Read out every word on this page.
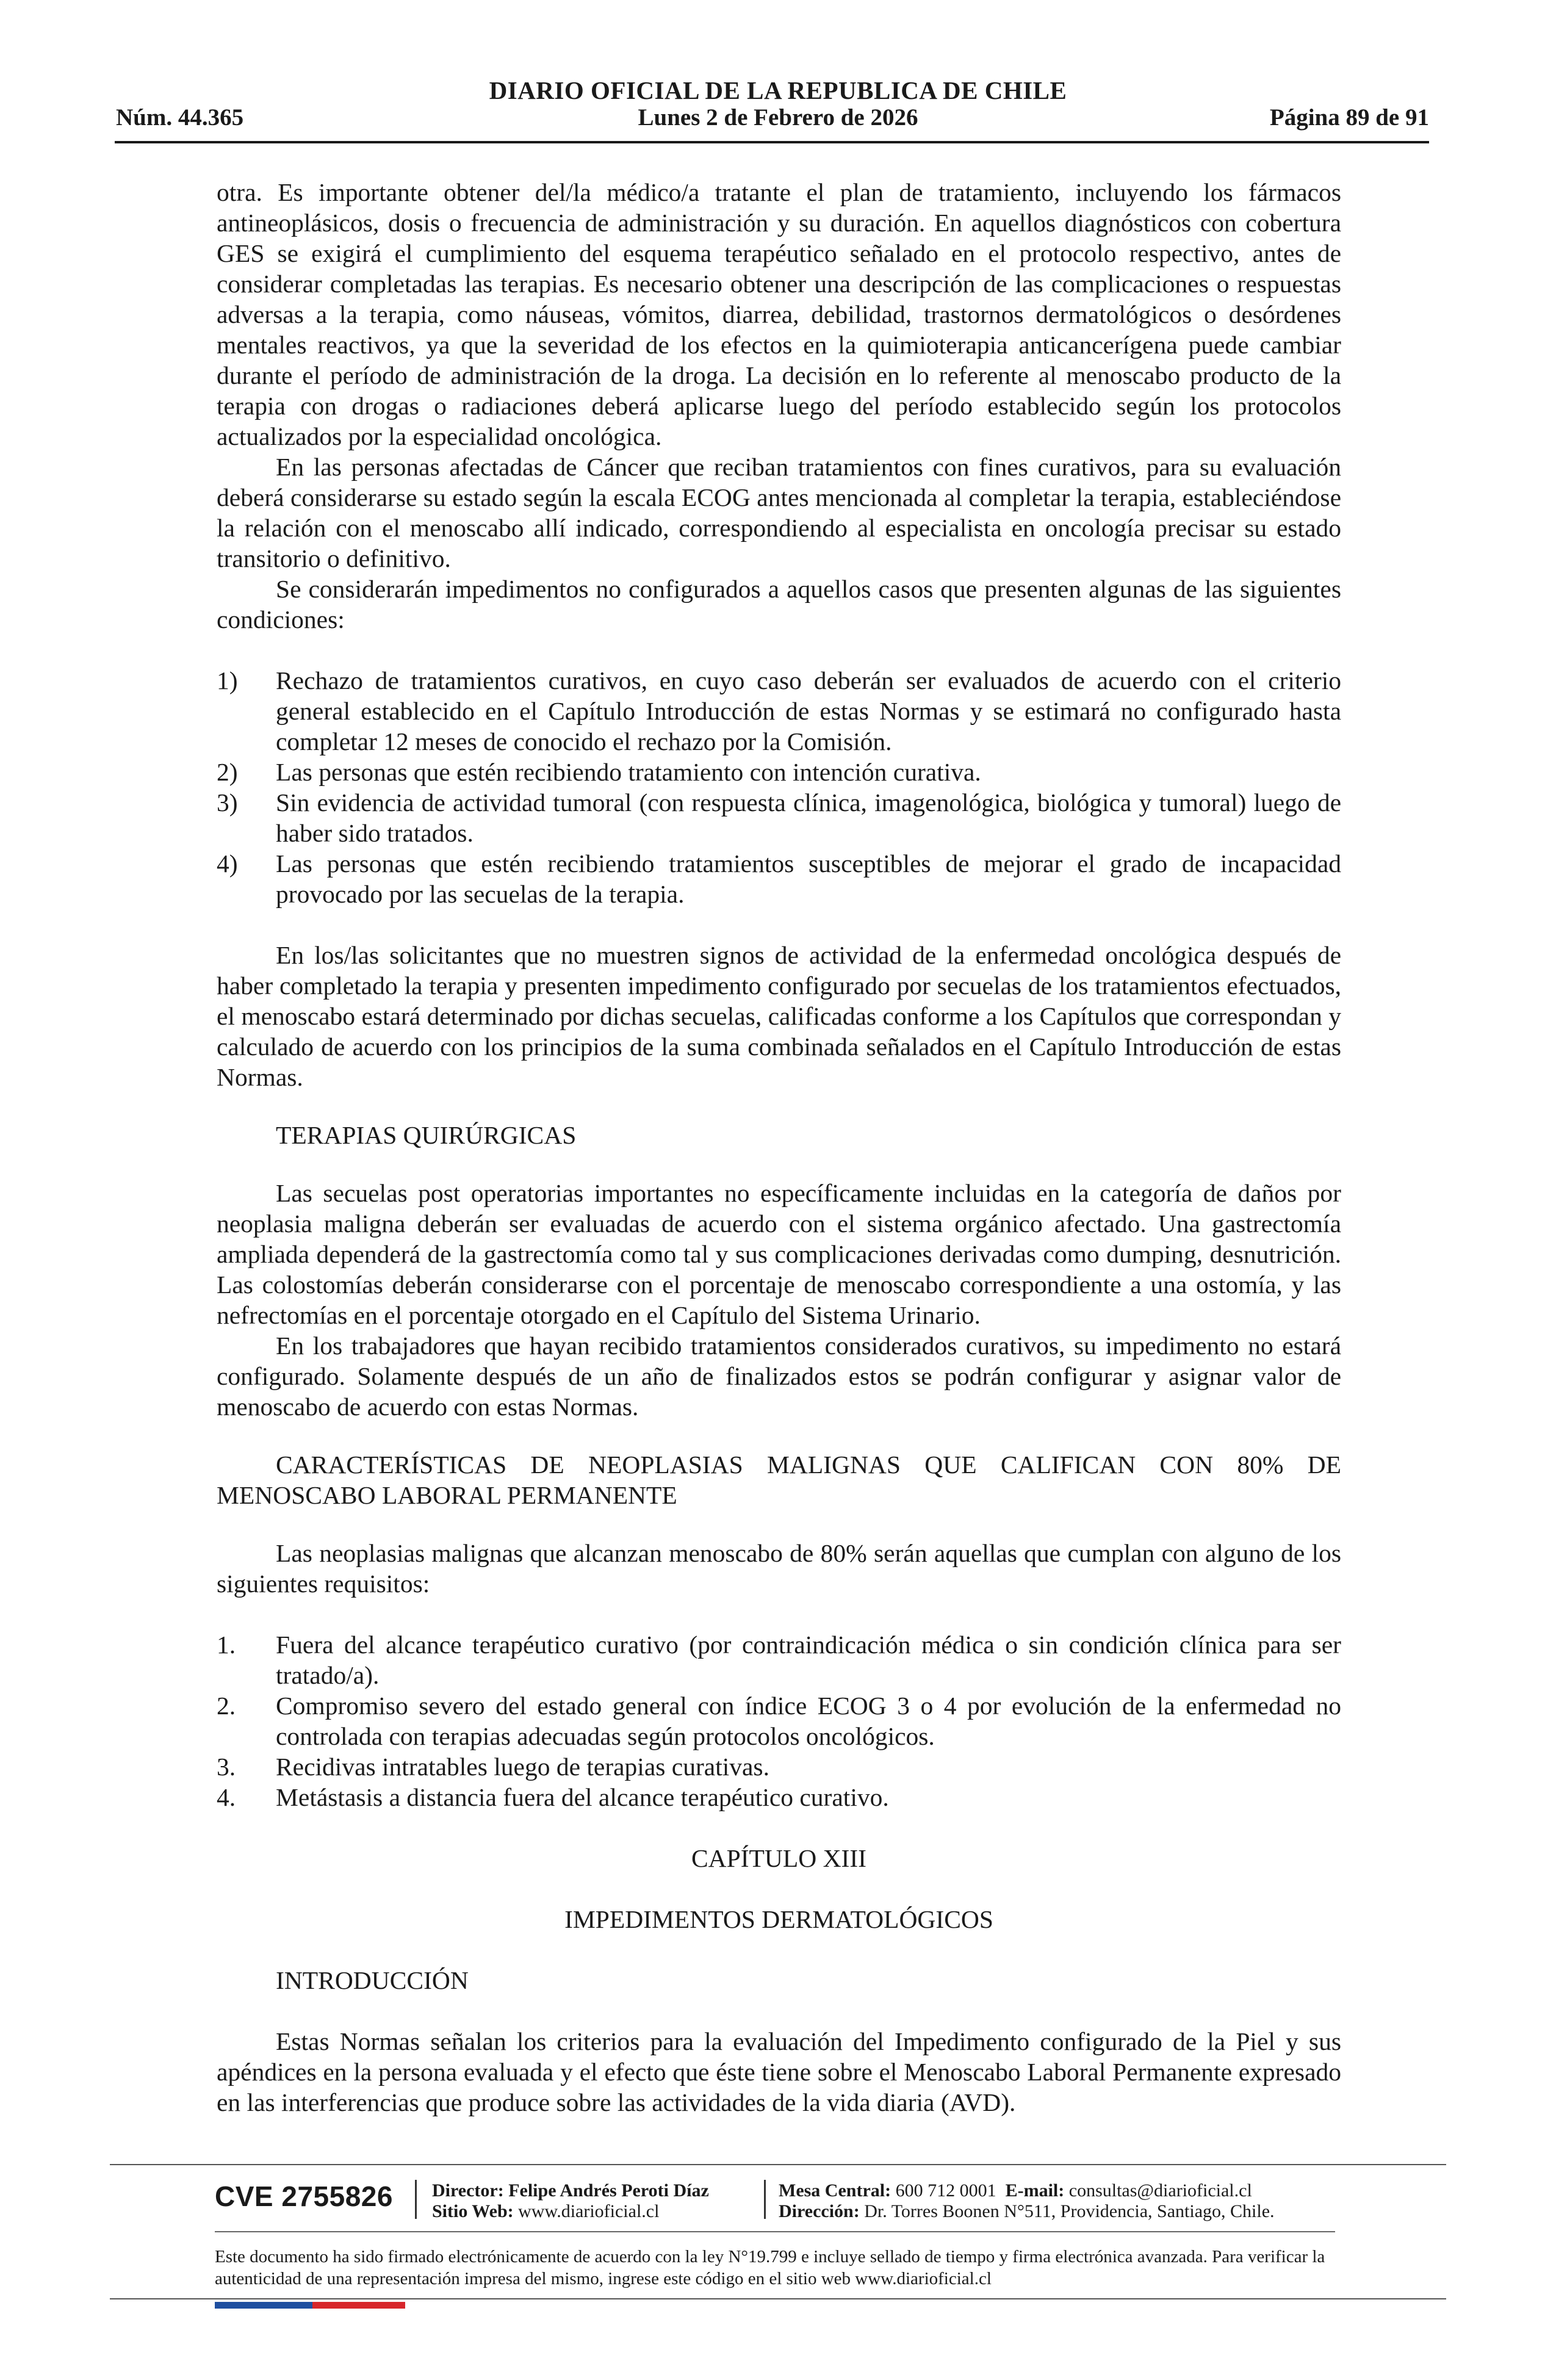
DIARIO OFICIAL DE LA REPUBLICA DE CHILE
Núm. 44.365	Lunes 2 de Febrero de 2026	Página 89 de 91

otra. Es importante obtener del/la médico/a tratante el plan de tratamiento, incluyendo los fármacos antineoplásicos, dosis o frecuencia de administración y su duración. En aquellos diagnósticos con cobertura GES se exigirá el cumplimiento del esquema terapéutico señalado en el protocolo respectivo, antes de considerar completadas las terapias. Es necesario obtener una descripción de las complicaciones o respuestas adversas a la terapia, como náuseas, vómitos, diarrea, debilidad, trastornos dermatológicos o desórdenes mentales reactivos, ya que la severidad de los efectos en la quimioterapia anticancerígena puede cambiar durante el período de administración de la droga. La decisión en lo referente al menoscabo producto de la terapia con drogas o radiaciones deberá aplicarse luego del período establecido según los protocolos actualizados por la especialidad oncológica.

En las personas afectadas de Cáncer que reciban tratamientos con fines curativos, para su evaluación deberá considerarse su estado según la escala ECOG antes mencionada al completar la terapia, estableciéndose la relación con el menoscabo allí indicado, correspondiendo al especialista en oncología precisar su estado transitorio o definitivo.

Se considerarán impedimentos no configurados a aquellos casos que presenten algunas de las siguientes condiciones:

1) Rechazo de tratamientos curativos, en cuyo caso deberán ser evaluados de acuerdo con el criterio general establecido en el Capítulo Introducción de estas Normas y se estimará no configurado hasta completar 12 meses de conocido el rechazo por la Comisión.
2) Las personas que estén recibiendo tratamiento con intención curativa.
3) Sin evidencia de actividad tumoral (con respuesta clínica, imagenológica, biológica y tumoral) luego de haber sido tratados.
4) Las personas que estén recibiendo tratamientos susceptibles de mejorar el grado de incapacidad provocado por las secuelas de la terapia.

En los/las solicitantes que no muestren signos de actividad de la enfermedad oncológica después de haber completado la terapia y presenten impedimento configurado por secuelas de los tratamientos efectuados, el menoscabo estará determinado por dichas secuelas, calificadas conforme a los Capítulos que correspondan y calculado de acuerdo con los principios de la suma combinada señalados en el Capítulo Introducción de estas Normas.

TERAPIAS QUIRÚRGICAS

Las secuelas post operatorias importantes no específicamente incluidas en la categoría de daños por neoplasia maligna deberán ser evaluadas de acuerdo con el sistema orgánico afectado. Una gastrectomía ampliada dependerá de la gastrectomía como tal y sus complicaciones derivadas como dumping, desnutrición. Las colostomías deberán considerarse con el porcentaje de menoscabo correspondiente a una ostomía, y las nefrectomías en el porcentaje otorgado en el Capítulo del Sistema Urinario.

En los trabajadores que hayan recibido tratamientos considerados curativos, su impedimento no estará configurado. Solamente después de un año de finalizados estos se podrán configurar y asignar valor de menoscabo de acuerdo con estas Normas.

CARACTERÍSTICAS DE NEOPLASIAS MALIGNAS QUE CALIFICAN CON 80% DE MENOSCABO LABORAL PERMANENTE

Las neoplasias malignas que alcanzan menoscabo de 80% serán aquellas que cumplan con alguno de los siguientes requisitos:

1. Fuera del alcance terapéutico curativo (por contraindicación médica o sin condición clínica para ser tratado/a).
2. Compromiso severo del estado general con índice ECOG 3 o 4 por evolución de la enfermedad no controlada con terapias adecuadas según protocolos oncológicos.
3. Recidivas intratables luego de terapias curativas.
4. Metástasis a distancia fuera del alcance terapéutico curativo.

CAPÍTULO XIII

IMPEDIMENTOS DERMATOLÓGICOS

INTRODUCCIÓN

Estas Normas señalan los criterios para la evaluación del Impedimento configurado de la Piel y sus apéndices en la persona evaluada y el efecto que éste tiene sobre el Menoscabo Laboral Permanente expresado en las interferencias que produce sobre las actividades de la vida diaria (AVD).

CVE 2755826 Director: Felipe Andrés Peroti Díaz
Sitio Web: www.diarioficial.cl
Mesa Central: 600 712 0001 E-mail: consultas@diarioficial.cl
Dirección: Dr. Torres Boonen N°511, Providencia, Santiago, Chile.
Este documento ha sido firmado electrónicamente de acuerdo con la ley N°19.799 e incluye sellado de tiempo y firma electrónica avanzada. Para verificar la autenticidad de una representación impresa del mismo, ingrese este código en el sitio web www.diarioficial.cl
